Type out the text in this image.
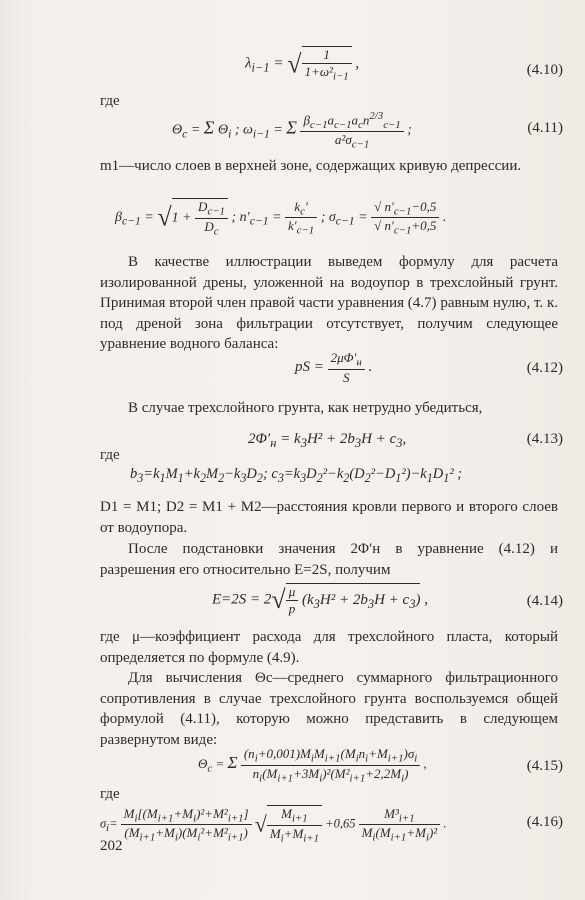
$\lambda_{i-1}$ = √ $\frac{1}{1+\omega^2_{i-1}}$ ,	(4.10)
где
$\Theta_c = \Sigma$ $\Theta_i$ ; $\omega_{i-1} = \Sigma \frac{\beta_{c-1}a_{c-1}a_cn^{2/3}_{c-1}}{a^2\sigma_{c-1}}$ ;	(4.11)
m1—число слоев в верхней зоне, содержащих кривую депрессии.
$\beta_{c-1} = √1 + \frac{D_{c-1}}{D_c}$ ; $n'_{c-1} = \frac{k_c'}{k'_{c-1}}$ ; $\sigma_{c-1} = \frac{√ n'_{c-1}-0,5}{√ n'_{c-1}+0,5}$ .
В качестве иллюстрации выведем формулу для расчета изолированной дрены, уложенной на водоупор в трехслойный грунт. Принимая второй член правой части уравнения (4.7) равным нулю, т. к. под дреной зона фильтрации отсутствует, получим следующее уравнение водного баланса:
pS = $\frac{2\mu\Phi'_н}{S}$ .	(4.12)
В случае трехслойного грунта, как нетрудно убедиться,
$2\Phi'_н = k_3H^2 + 2b_3H + c_3$,	(4.13)
где
$b_3=k_1M_1+k_2M_2-k_3D_2$; $c_3=k_3D_2^2-k_2(D_2^2-D_1^2)-k_1D_1^2$ ;
D1 = M1; D2 = M1 + M2—расстояния кровли первого и второго слоев от водоупора.
После подстановки значения 2Φ′н в уравнение (4.12) и разрешения его относительно E=2S, получим
$E=2S = 2√ \frac{\mu}{p} (k_3H^2 + 2b_3H + c_3)$ ,	(4.14)
где μ—коэффициент расхода для трехслойного пласта, который определяется по формуле (4.9).
Для вычисления Θc—среднего суммарного фильтрационного сопротивления в случае трехслойного грунта воспользуемся общей формулой (4.11), которую можно представить в следующем развернутом виде:
$\Theta_c = \Sigma \frac{(n_i+0,001)M_iM_{i+1}(M_in_i+M_{i+1})\sigma_i}{n_i(M_{i+1}+3M_i)^2(M^2_{i+1}+2,2M_i)}$ ,	(4.15)
где
$\sigma_i= \frac{M_i[(M_{i+1}+M_i)^2+M^2_{i+1}]}{(M_{i+1}+M_i)(M_i^2+M^2_{i+1})}$ √ $\frac{M_{i+1}}{M_i+M_{i+1}} +0,65 \frac{M^3_{i+1}}{M_i(M_{i+1}+M_i)^2}$ .	(4.16)
202
